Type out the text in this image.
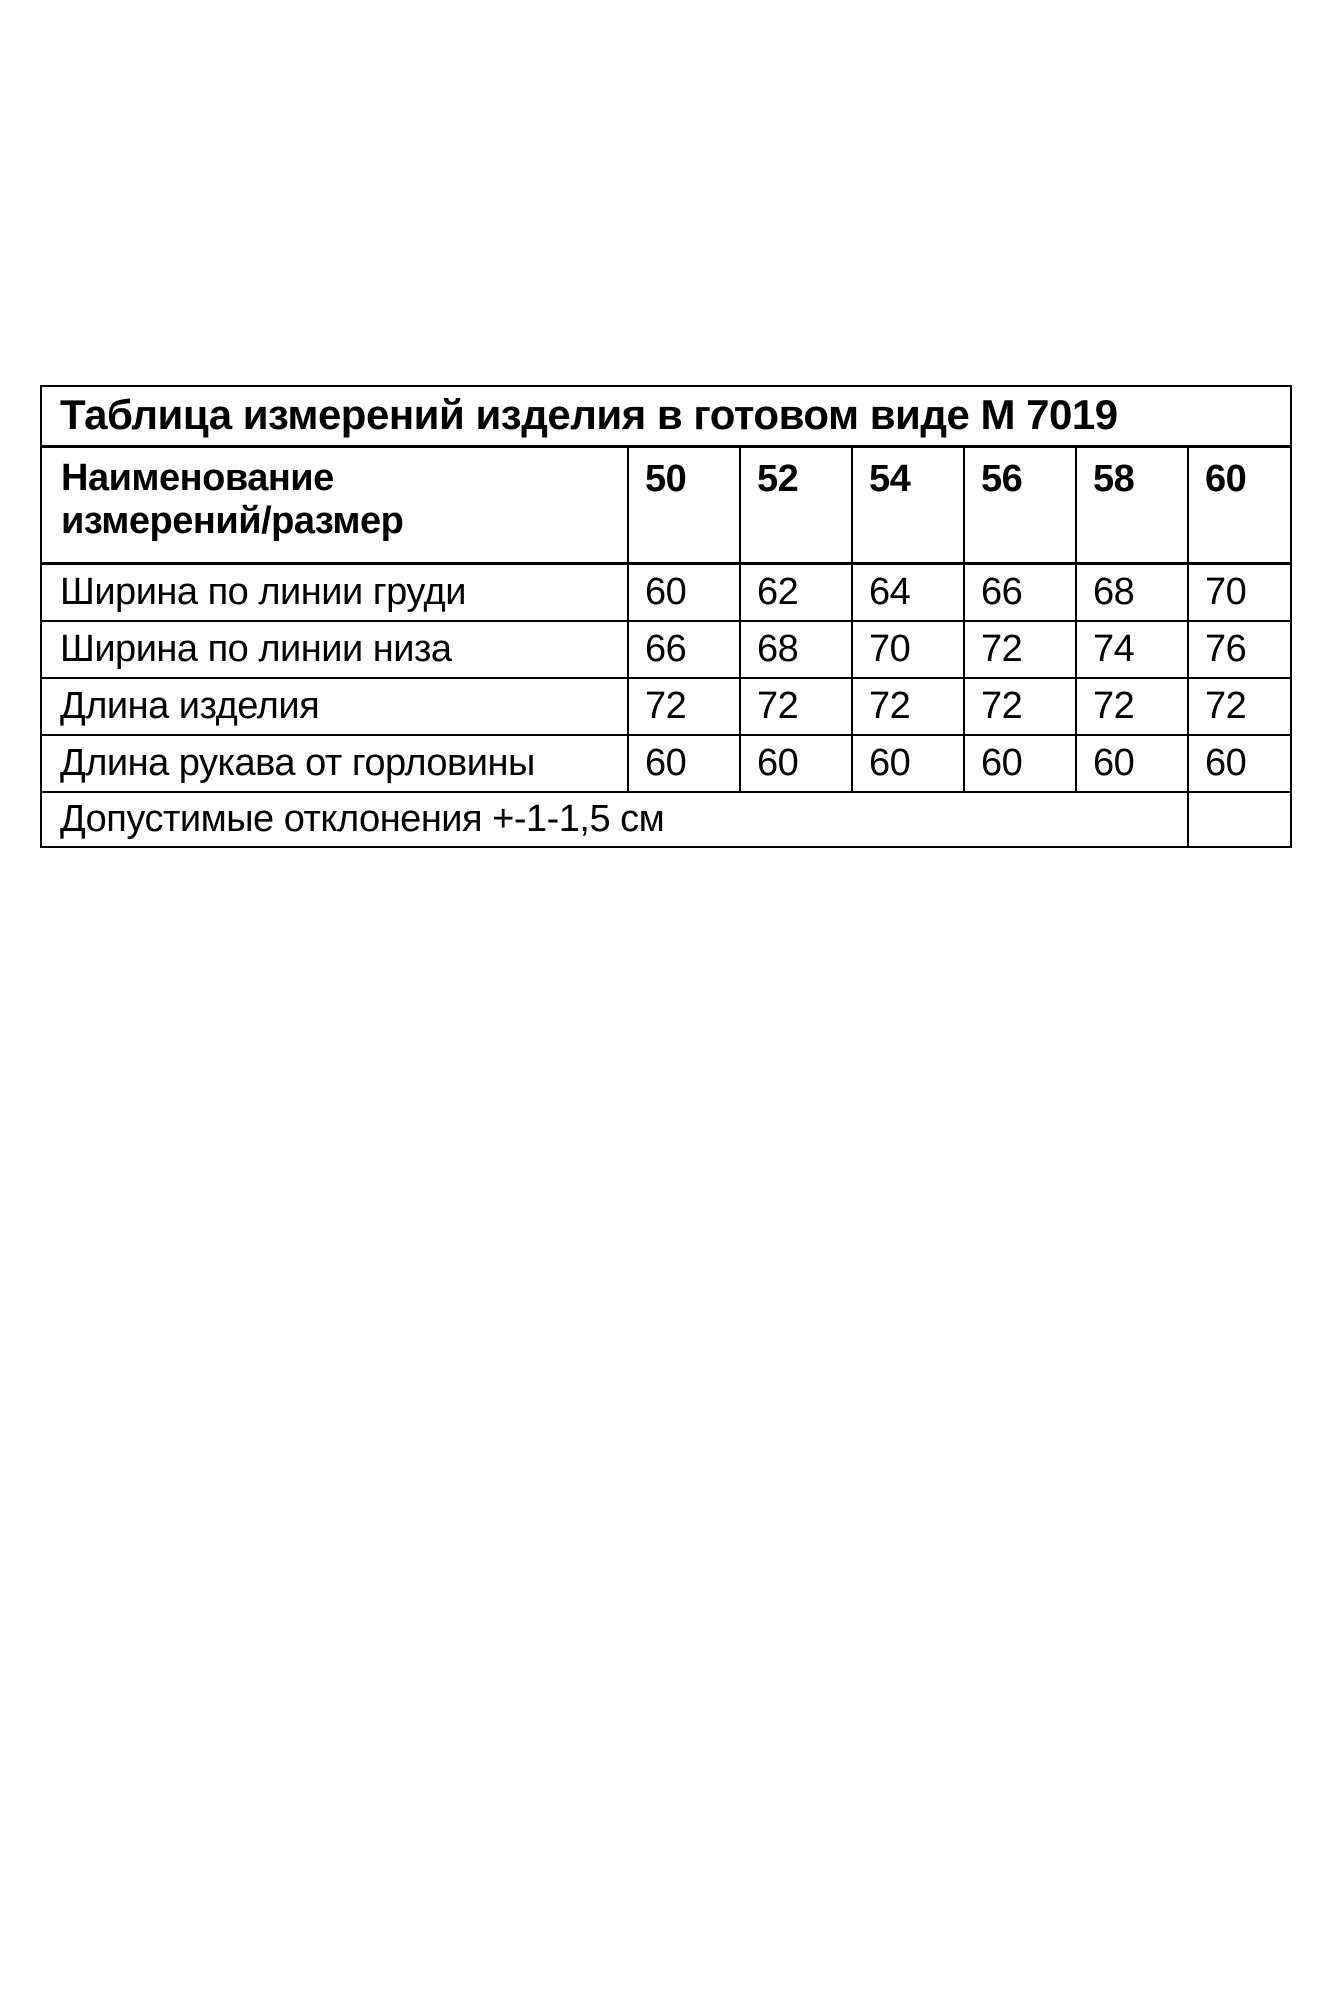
Таблица измерений изделия в готовом виде М 7019						

Наименование
измерений/размер	50	52	54	56	58	60
Ширина по линии груди	60	62	64	66	68	70
Ширина по линии низа	66	68	70	72	74	76
Длина изделия	72	72	72	72	72	72
Длина рукава от горловины	60	60	60	60	60	60
Допустимые отклонения +-1-1,5 см						
